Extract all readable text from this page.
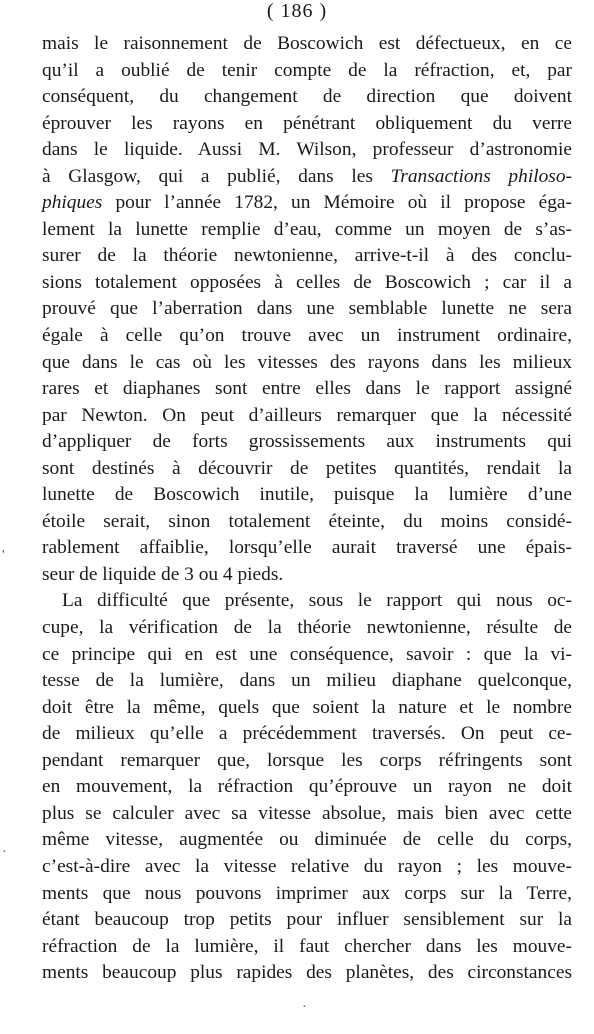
( 186 )
mais le raisonnement de Boscowich est défectueux, en ce
qu’il a oublié de tenir compte de la réfraction, et, par
conséquent, du changement de direction que doivent
éprouver les rayons en pénétrant obliquement du verre
dans le liquide. Aussi M. Wilson, professeur d’astronomie
à Glasgow, qui a publié, dans les Transactions philoso-
phiques pour l’année 1782, un Mémoire où il propose éga-
lement la lunette remplie d’eau, comme un moyen de s’as-
surer de la théorie newtonienne, arrive-t-il à des conclu-
sions totalement opposées à celles de Boscowich ; car il a
prouvé que l’aberration dans une semblable lunette ne sera
égale à celle qu’on trouve avec un instrument ordinaire,
que dans le cas où les vitesses des rayons dans les milieux
rares et diaphanes sont entre elles dans le rapport assigné
par Newton. On peut d’ailleurs remarquer que la nécessité
d’appliquer de forts grossissements aux instruments qui
sont destinés à découvrir de petites quantités, rendait la
lunette de Boscowich inutile, puisque la lumière d’une
étoile serait, sinon totalement éteinte, du moins considé-
rablement affaiblie, lorsqu’elle aurait traversé une épais-
seur de liquide de 3 ou 4 pieds.
La difficulté que présente, sous le rapport qui nous oc-
cupe, la vérification de la théorie newtonienne, résulte de
ce principe qui en est une conséquence, savoir : que la vi-
tesse de la lumière, dans un milieu diaphane quelconque,
doit être la même, quels que soient la nature et le nombre
de milieux qu’elle a précédemment traversés. On peut ce-
pendant remarquer que, lorsque les corps réfringents sont
en mouvement, la réfraction qu’éprouve un rayon ne doit
plus se calculer avec sa vitesse absolue, mais bien avec cette
même vitesse, augmentée ou diminuée de celle du corps,
c’est-à-dire avec la vitesse relative du rayon ; les mouve-
ments que nous pouvons imprimer aux corps sur la Terre,
étant beaucoup trop petits pour influer sensiblement sur la
réfraction de la lumière, il faut chercher dans les mouve-
ments beaucoup plus rapides des planètes, des circonstances
'
·
·
